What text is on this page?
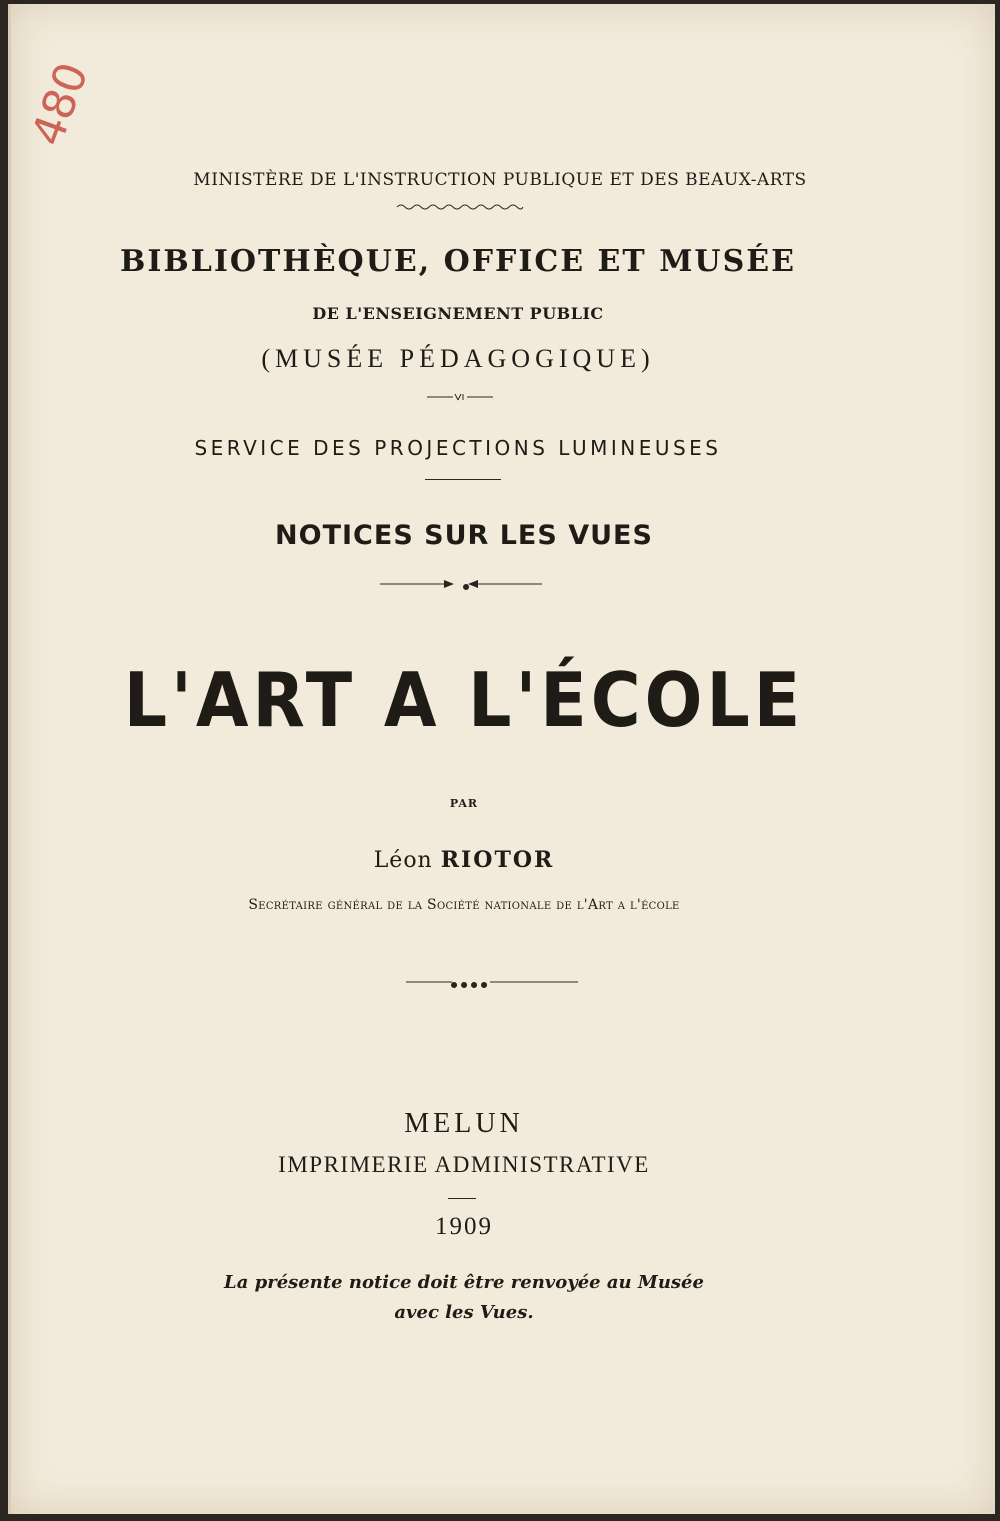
480
MINISTÈRE DE L'INSTRUCTION PUBLIQUE ET DES BEAUX-ARTS
BIBLIOTHÈQUE, OFFICE ET MUSÉE
DE L'ENSEIGNEMENT PUBLIC
(MUSÉE PÉDAGOGIQUE)
SERVICE DES PROJECTIONS LUMINEUSES
NOTICES SUR LES VUES
L'ART A L'ÉCOLE
PAR
Léon RIOTOR
Secrétaire général de la Société nationale de l'Art a l'école
MELUN
IMPRIMERIE ADMINISTRATIVE
1909
La présente notice doit être renvoyée au Musée
avec les Vues.
